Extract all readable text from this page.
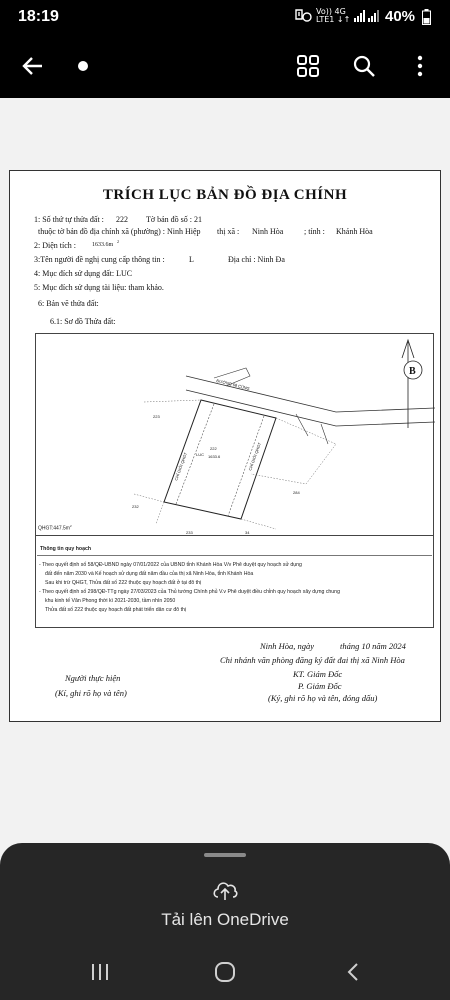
18:19	Vo)) 4G
LTE1 ↓↑ 40%
TRÍCH LỤC BẢN ĐỒ ĐỊA CHÍNH
1: Số thứ tự thửa đất : 222 Tờ bản đồ số : 21
thuộc tờ bản đồ địa chính xã (phường) : Ninh Hiệp thị xã : Ninh Hòa	; tỉnh : Khánh Hòa
2: Diện tích :	1633.6m
2
3:Tên người đề nghị cung cấp thông tin :	L	Địa chỉ : Ninh Đa
4: Mục đích sử dụng đất: LUC
5: Mục đích sử dụng tài liệu: tham khảo.
6: Bản vẽ thửa đất:
6.1: Sơ đồ Thửa đất:
B
ĐƯỜNG 68 CŨNG
LUC
222
1633.6
CHỈ GIỚI QHGT	CHỈ GIỚI QHGT
223
232
233	34
284
$QHGT:447.5m^2$
Thông tin quy hoạch
- Theo quyết định số 58/QĐ-UBND ngày 07/01/2022 của UBND tỉnh Khánh Hòa V/v Phê duyệt quy hoạch sử dụng
đất đến năm 2030 và Kế hoạch sử dụng đất năm đầu của thị xã Ninh Hòa, tỉnh Khánh Hòa
Sau khi trừ QHGT, Thửa đất số 222 thuộc quy hoạch đất ở tại đô thị
- Theo quyết định số 298/QĐ-TTg ngày 27/03/2023 của Thủ tướng Chính phủ V.v Phê duyệt điều chỉnh quy hoạch xây dựng chung
khu kinh tế Vân Phong thời kì 2021-2030, tầm nhìn 2050
Thửa đất số 222 thuộc quy hoạch đất phát triển dân cư đô thị
Ninh Hòa, ngày	tháng 10 năm 2024
Chi nhánh văn phòng đăng ký đất đai thị xã Ninh Hòa
KT. Giám Đốc
P. Giám Đốc
(Ký, ghi rõ họ và tên, đóng dấu)
Người thực hiện
(Kí, ghi rõ họ và tên)
Tải lên OneDrive
